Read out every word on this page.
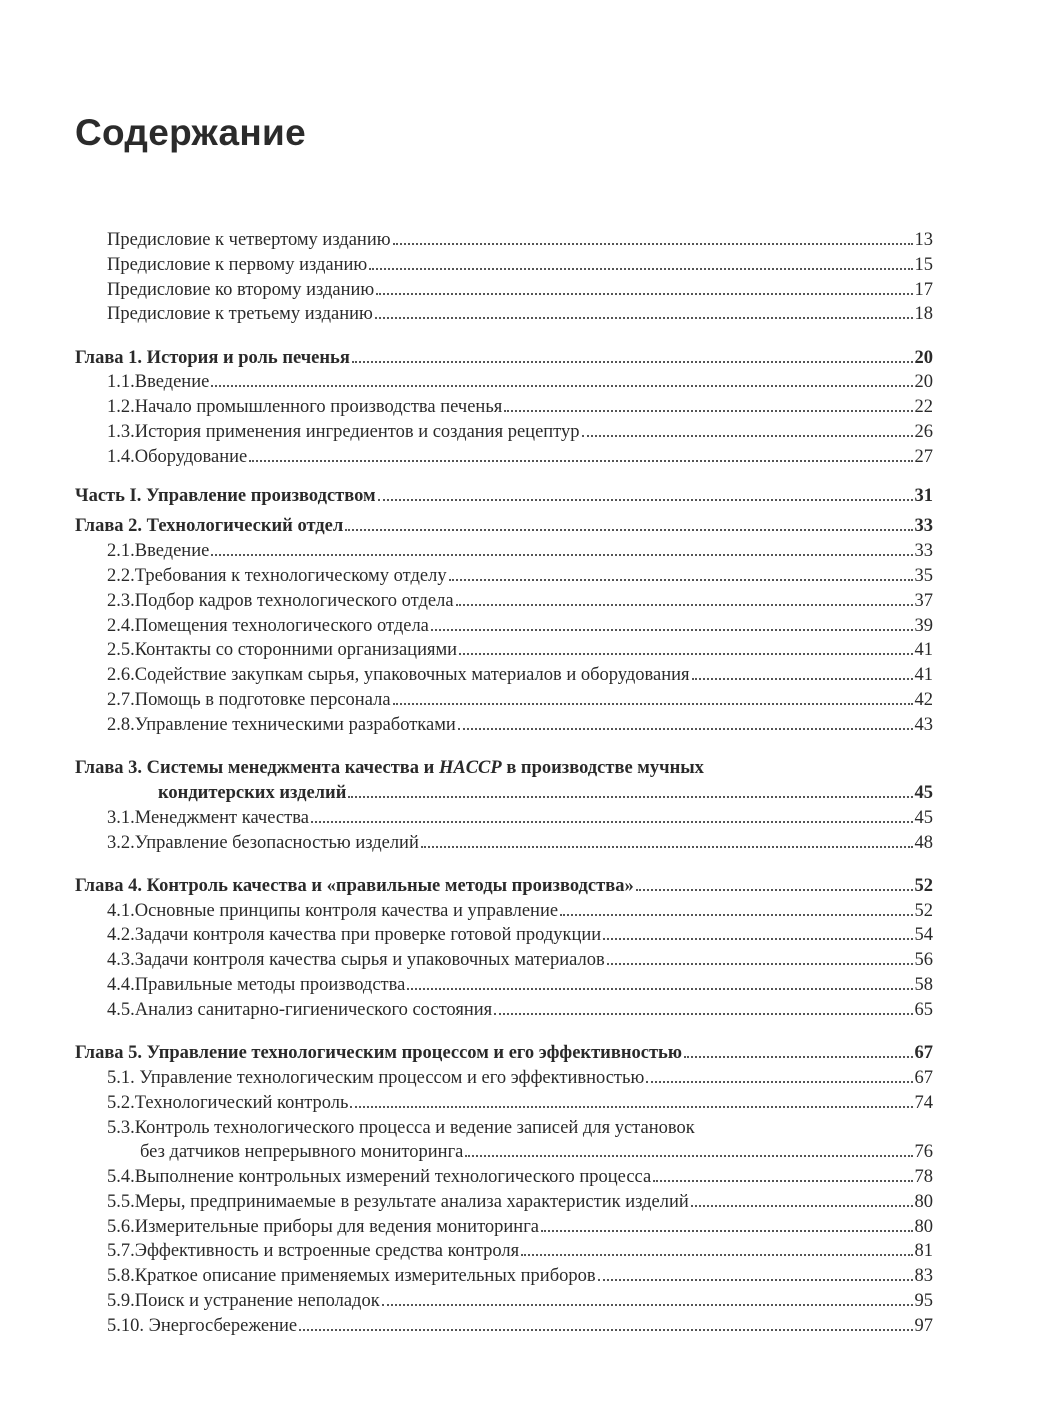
Содержание
Предисловие к четвертому изданию	13
Предисловие к первому изданию	15
Предисловие ко второму изданию	17
Предисловие к третьему изданию	18
Глава 1. История и роль печенья	20
1.1.Введение	20
1.2.Начало промышленного производства печенья	22
1.3.История применения ингредиентов и создания рецептур	26
1.4.Оборудование	27
Часть I. Управление производством	31
Глава 2. Технологический отдел	33
2.1.Введение	33
2.2.Требования к технологическому отделу	35
2.3.Подбор кадров технологического отдела	37
2.4.Помещения технологического отдела	39
2.5.Контакты со сторонними организациями	41
2.6.Содействие закупкам сырья, упаковочных материалов и оборудования	41
2.7.Помощь в подготовке персонала	42
2.8.Управление техническими разработками	43
Глава 3. Системы менеджмента качества и HACCP в производстве мучных
кондитерских изделий	45
3.1.Менеджмент качества	45
3.2.Управление безопасностью изделий	48
Глава 4. Контроль качества и «правильные методы производства»	52
4.1.Основные принципы контроля качества и управление	52
4.2.Задачи контроля качества при проверке готовой продукции	54
4.3.Задачи контроля качества сырья и упаковочных материалов	56
4.4.Правильные методы производства	58
4.5.Анализ санитарно-гигиенического состояния	65
Глава 5. Управление технологическим процессом и его эффективностью	67
5.1. Управление технологическим процессом и его эффективностью	67
5.2.Технологический контроль	74
5.3.Контроль технологического процесса и ведение записей для установок
без датчиков непрерывного мониторинга	76
5.4.Выполнение контрольных измерений технологического процесса	78
5.5.Меры, предпринимаемые в результате анализа характеристик изделий	80
5.6.Измерительные приборы для ведения мониторинга	80
5.7.Эффективность и встроенные средства контроля	81
5.8.Краткое описание применяемых измерительных приборов	83
5.9.Поиск и устранение неполадок	95
5.10. Энергосбережение	97
